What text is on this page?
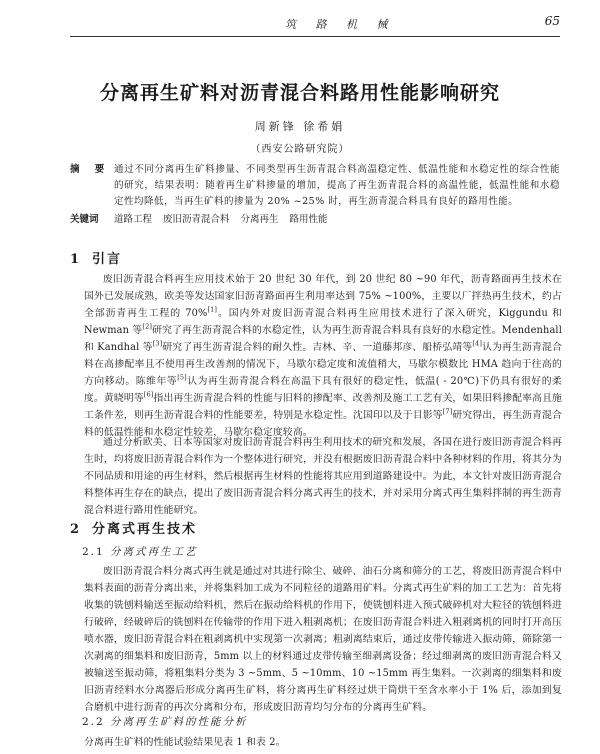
筑 路 机 械	65
分离再生矿料对沥青混合料路用性能影响研究
周新锋 徐希娟
（西安公路研究院）
摘 要 通过不同分离再生矿料掺量、不同类型再生沥青混合料高温稳定性、低温性能和水稳定性的综合性能的研究，结果表明：随着再生矿料掺量的增加，提高了再生沥青混合料的高温性能，低温性能和水稳定性均降低，当再生矿料的掺量为 20% ~25% 时，再生沥青混合料具有良好的路用性能。
关键词 道路工程 废旧沥青混合料 分离再生 路用性能
1 引言
废旧沥青混合料再生应用技术始于 20 世纪 30 年代，到 20 世纪 80 ~90 年代，沥青路面再生技术在国外已发展成熟，欧美等发达国家旧沥青路面再生利用率达到 75% ~100%，主要以厂拌热再生技术，约占全部沥青再生工程的 70%[1]。国内外对废旧沥青混合料再生应用技术进行了深入研究，Kiggundu 和 Newman 等[2]研究了再生沥青混合料的水稳定性，认为再生沥青混合料具有良好的水稳定性。Mendenhall 和 Kandhal 等[3]研究了再生沥青混合料的耐久性。吉林、辛、一道藤邦彦、船桥弘靖等[4]认为再生沥青混合料在高掺配率且不使用再生改善剂的情况下，马歇尔稳定度和流值稍大，马歇尔模数比 HMA 趋向于往高的方向移动。陈维年等[5]认为再生沥青混合料在高温下具有很好的稳定性，低温( - 20℃)下仍具有很好的柔度。黄晓明等[6]指出再生沥青混合料的性能与旧料的掺配率、改善剂及施工工艺有关，如果旧料掺配率高且施工条件差，则再生沥青混合料的性能要差，特别是水稳定性。沈国印以及于目影等[7]研究得出，再生沥青混合料的低温性能和水稳定性较差，马歇尔稳定度较高。
通过分析欧美、日本等国家对废旧沥青混合料再生利用技术的研究和发展，各国在进行废旧沥青混合料再生时，均将废旧沥青混合料作为一个整体进行研究，并没有根据废旧沥青混合料中各种材料的作用，将其分为不同品质和用途的再生材料，然后根据再生材料的性能将其应用到道路建设中。为此，本文针对废旧沥青混合料整体再生存在的缺点，提出了废旧沥青混合料分离式再生的技术，并对采用分离式再生集料拌制的再生沥青混合料进行路用性能研究。
2 分离式再生技术
2.1 分离式再生工艺
废旧沥青混合料分离式再生就是通过对其进行除尘、破碎、油石分离和筛分的工艺，将废旧沥青混合料中集料表面的沥青分离出来，并将集料加工成为不同粒径的道路用矿料。分离式再生矿料的加工工艺为：首先将收集的铣刨料输送至振动给料机，然后在振动给料机的作用下，使铣刨料进入预式破碎机对大粒径的铣刨料进行破碎，经破碎后的铣刨料在传输带的作用下进入粗剥离机；在废旧沥青混合料进入粗剥离机的同时打开高压喷水器，废旧沥青混合料在粗剥离机中实现第一次剥离；粗剥离结束后，通过皮带传输进入振动筛，筛除第一次剥离的细集料和废旧沥青，5mm 以上的材料通过皮带传输至细剥离设备；经过细剥离的废旧沥青混合料又被输送至振动筛，将粗集料分类为 3 ~5mm、5 ~10mm、10 ~15mm 再生集料。一次剥离的细集料和废旧沥青经料水分离器后形成分离再生矿料，将分离再生矿料经过烘干筒烘干至含水率小于 1% 后，添加到复合磨机中进行沥青的再次分离和分布，形成废旧沥青均匀分布的分离再生矿料。
2.2 分离再生矿料的性能分析
分离再生矿料的性能试验结果见表 1 和表 2。
